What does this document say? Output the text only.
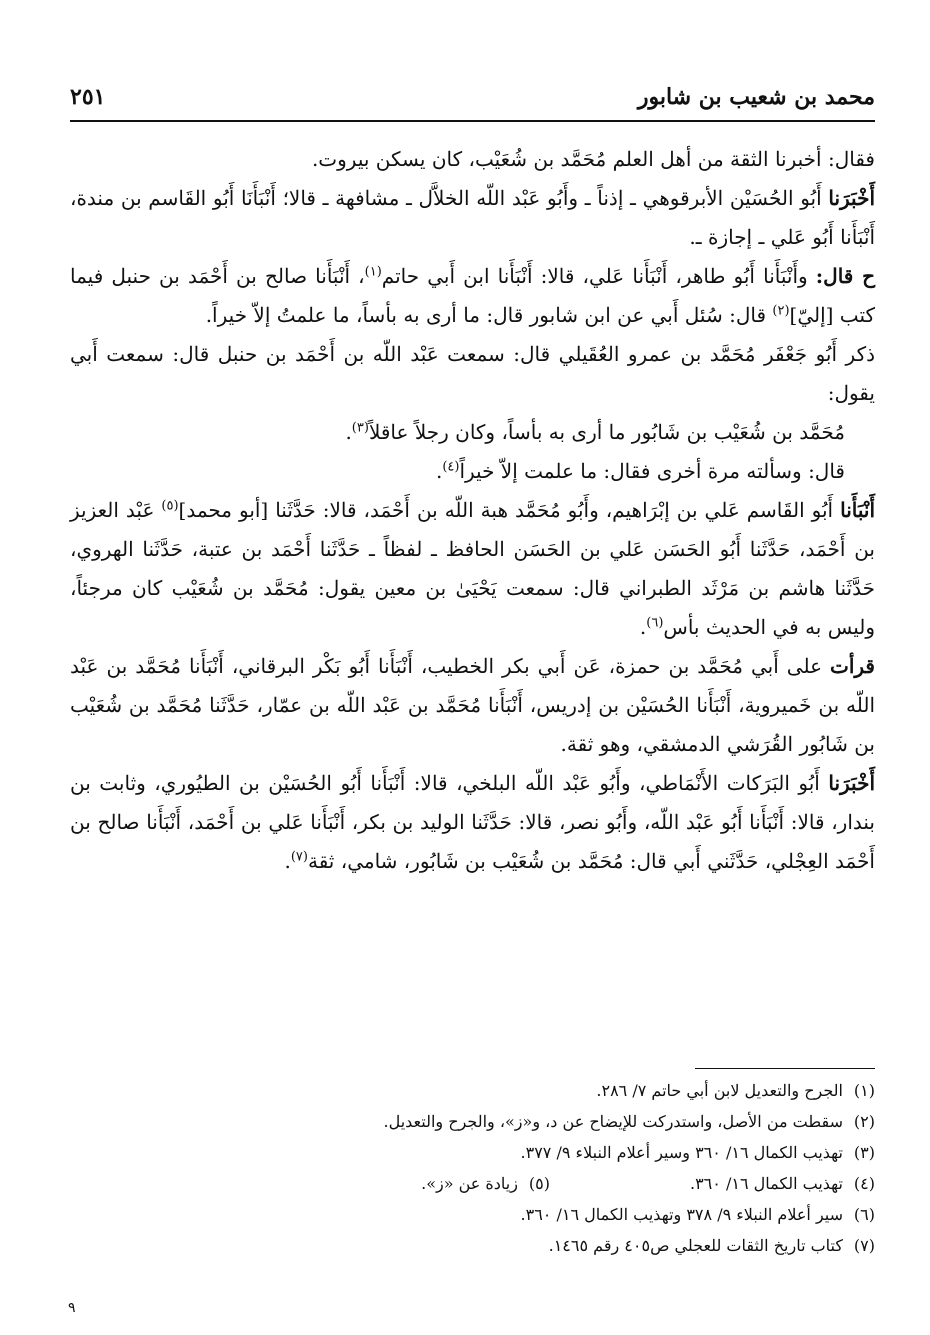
محمد بن شعيب بن شابور
٢٥١

فقال: أخبرنا الثقة من أهل العلم مُحَمَّد بن شُعَيْب، كان يسكن بيروت.

أَخْبَرَنا أَبُو الحُسَيْن الأبرقوهي ـ إذناً ـ وأَبُو عَبْد اللّه الخلاَّل ـ مشافهة ـ قالا؛ أَنْبَأَنَا أَبُو القَاسم بن مندة، أَنْبَأَنا أَبُو عَلي ـ إجازة ـ.

ح قال: وأَنْبَأَنا أَبُو طاهر، أَنْبَأَنا عَلي، قالا: أَنْبَأَنا ابن أَبي حاتم$^{(١)}$، أَنْبَأَنا صالح بن أَحْمَد بن حنبل فيما كتب [إليّ]$^{(٢)}$ قال: سُئل أَبي عن ابن شابور قال: ما أرى به بأساً، ما علمتُ إلاّ خيراً.

ذكر أَبُو جَعْفَر مُحَمَّد بن عمرو العُقَيلي قال: سمعت عَبْد اللّه بن أَحْمَد بن حنبل قال: سمعت أَبي يقول:

مُحَمَّد بن شُعَيْب بن شَابُور ما أرى به بأساً، وكان رجلاً عاقلاً$^{(٣)}$.

قال: وسألته مرة أخرى فقال: ما علمت إلاّ خيراً$^{(٤)}$.

أَنْبَأَنا أَبُو القَاسم عَلي بن إبْرَاهيم، وأَبُو مُحَمَّد هبة اللّه بن أَحْمَد، قالا: حَدَّثَنا [أبو محمد]$^{(٥)}$ عَبْد العزيز بن أَحْمَد، حَدَّثَنا أَبُو الحَسَن عَلي بن الحَسَن الحافظ ـ لفظاً ـ حَدَّثَنا أَحْمَد بن عتبة، حَدَّثَنا الهروي، حَدَّثَنا هاشم بن مَرْثَد الطبراني قال: سمعت يَحْيَىٰ بن معين يقول: مُحَمَّد بن شُعَيْب كان مرجئاً، وليس به في الحديث بأس$^{(٦)}$.

قرأت على أَبي مُحَمَّد بن حمزة، عَن أَبي بكر الخطيب، أَنْبَأَنا أَبُو بَكْر البرقاني، أَنْبَأَنا مُحَمَّد بن عَبْد اللّه بن خَميروية، أَنْبَأَنا الحُسَيْن بن إدريس، أَنْبَأَنا مُحَمَّد بن عَبْد اللّه بن عمّار، حَدَّثَنا مُحَمَّد بن شُعَيْب بن شَابُور القُرَشي الدمشقي، وهو ثقة.

أَخْبَرَنا أَبُو البَرَكات الأَنْمَاطي، وأَبُو عَبْد اللّه البلخي، قالا: أَنْبَأَنا أَبُو الحُسَيْن بن الطيُوري، وثابت بن بندار، قالا: أَنْبَأَنا أَبُو عَبْد اللّه، وأَبُو نصر، قالا: حَدَّثَنا الوليد بن بكر، أَنْبَأَنا عَلي بن أَحْمَد، أَنْبَأَنا صالح بن أَحْمَد العِجْلي، حَدَّثَني أَبي قال: مُحَمَّد بن شُعَيْب بن شَابُور، شامي، ثقة$^{(٧)}$.

(١)الجرح والتعديل لابن أبي حاتم ٧/ ٢٨٦.

(٢)سقطت من الأصل، واستدركت للإيضاح عن د، و«ز»، والجرح والتعديل.

(٣)تهذيب الكمال ١٦/ ٣٦٠ وسير أعلام النبلاء ٩/ ٣٧٧.

(٤)تهذيب الكمال ١٦/ ٣٦٠.(٥)زيادة عن «ز».

(٦)سير أعلام النبلاء ٩/ ٣٧٨ وتهذيب الكمال ١٦/ ٣٦٠.

(٧)كتاب تاريخ الثقات للعجلي ص٤٠٥ رقم ١٤٦٥.

٩
